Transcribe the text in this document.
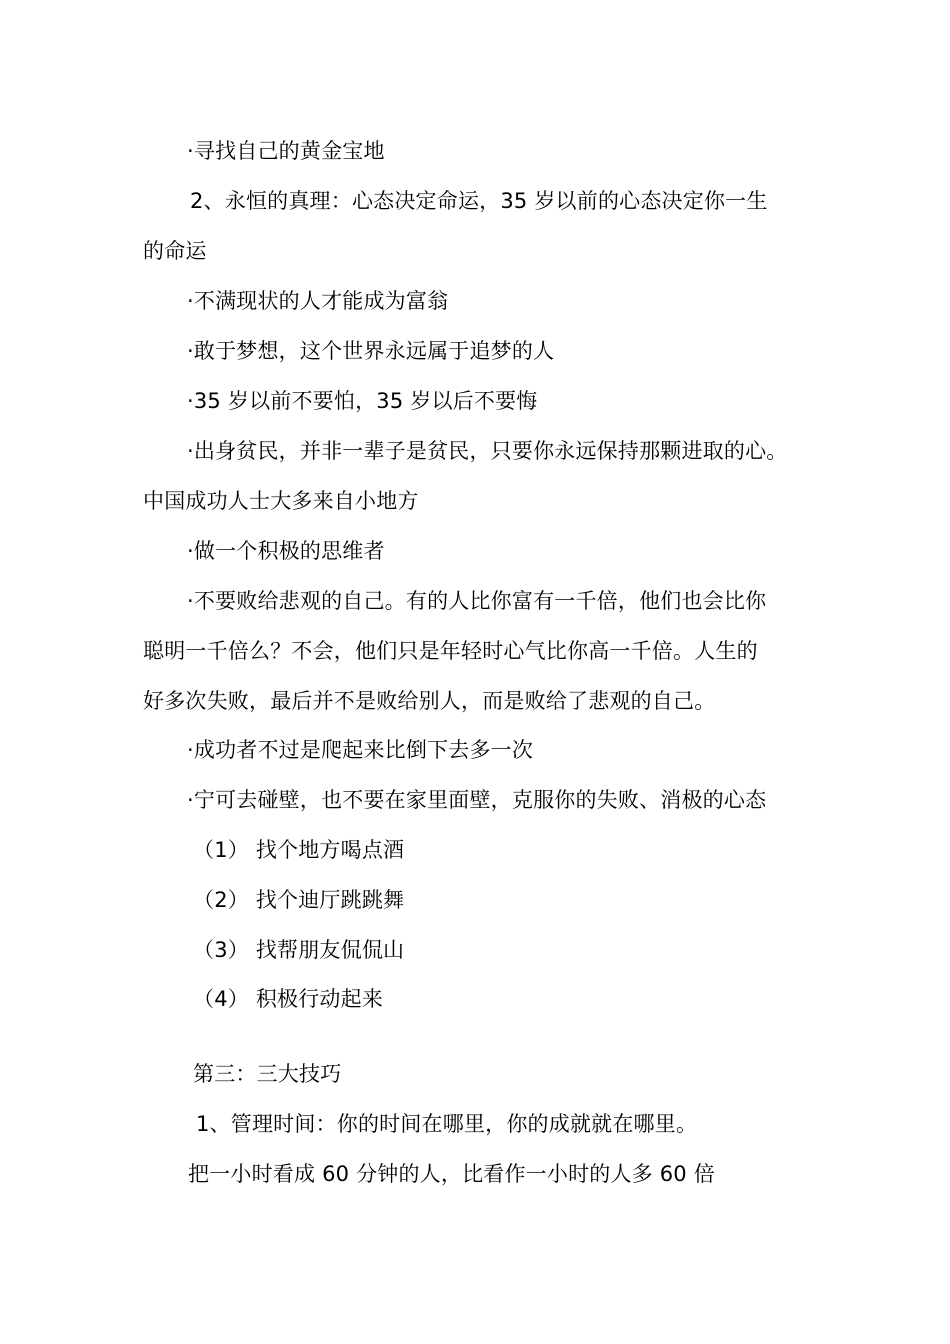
·寻找自己的黄金宝地
2、永恒的真理：心态决定命运，35 岁以前的心态决定你一生
的命运
·不满现状的人才能成为富翁
·敢于梦想，这个世界永远属于追梦的人
·35 岁以前不要怕，35 岁以后不要悔
·出身贫民，并非一辈子是贫民，只要你永远保持那颗进取的心。
中国成功人士大多来自小地方
·做一个积极的思维者
·不要败给悲观的自己。有的人比你富有一千倍，他们也会比你
聪明一千倍么？不会，他们只是年轻时心气比你高一千倍。人生的
好多次失败，最后并不是败给别人，而是败给了悲观的自己。
·成功者不过是爬起来比倒下去多一次
·宁可去碰壁，也不要在家里面壁，克服你的失败、消极的心态
（1） 找个地方喝点酒
（2） 找个迪厅跳跳舞
（3） 找帮朋友侃侃山
（4） 积极行动起来
第三：三大技巧
1、管理时间：你的时间在哪里，你的成就就在哪里。
把一小时看成 60 分钟的人，比看作一小时的人多 60 倍
